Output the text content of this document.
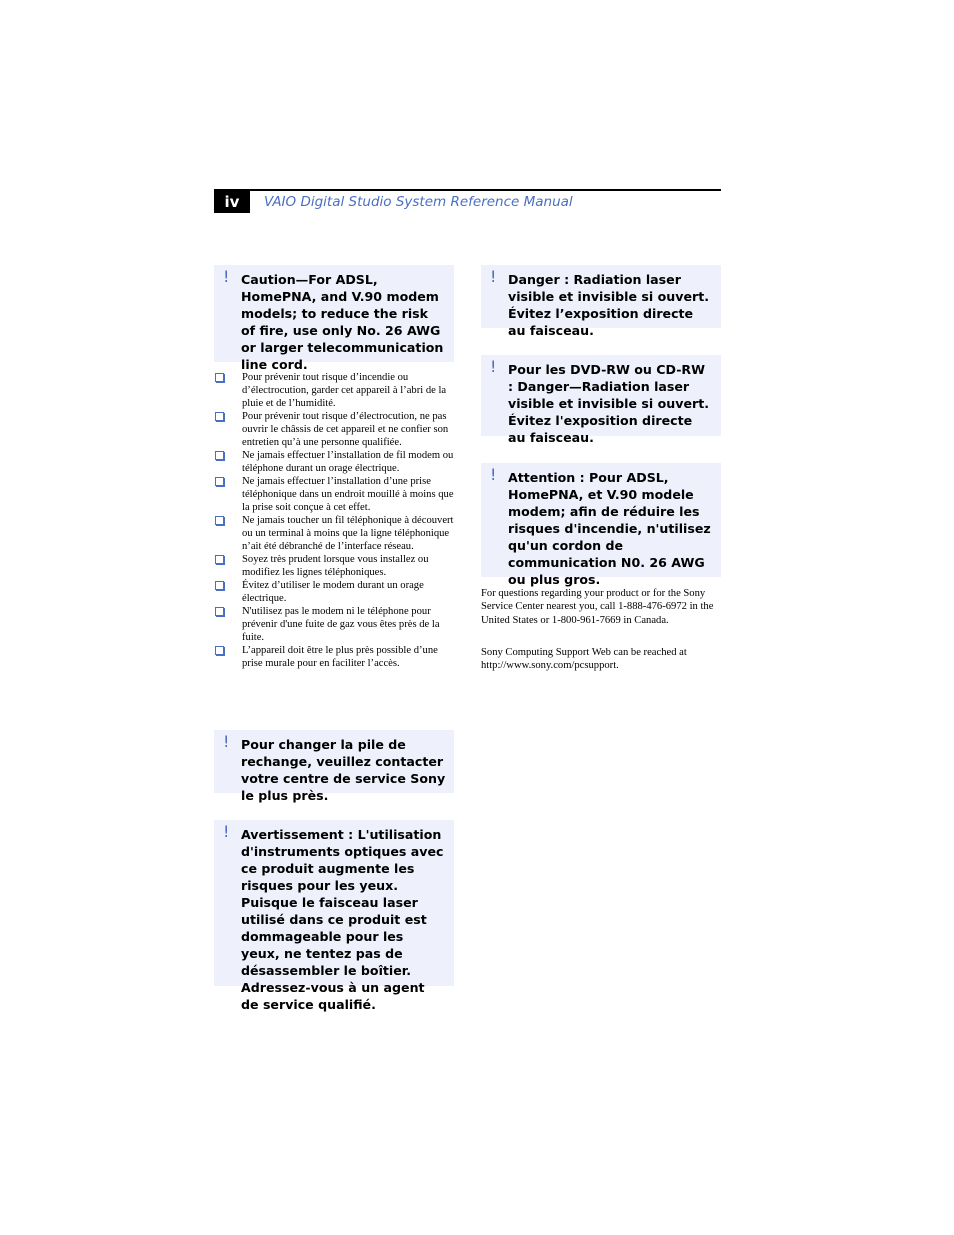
iv	VAIO Digital Studio System Reference Manual
! Caution—For ADSL, HomePNA, and V.90 modem models; to reduce the risk of fire, use only No. 26 AWG or larger telecommunication line cord.
Pour prévenir tout risque d’incendie ou d’électrocution, garder cet appareil à l’abri de la pluie et de l’humidité.
Pour prévenir tout risque d’électrocution, ne pas ouvrir le châssis de cet appareil et ne confier son entretien qu’à une personne qualifiée.
Ne jamais effectuer l’installation de fil modem ou téléphone durant un orage électrique.
Ne jamais effectuer l’installation d’une prise téléphonique dans un endroit mouillé à moins que la prise soit conçue à cet effet.
Ne jamais toucher un fil téléphonique à découvert ou un terminal à moins que la ligne téléphonique n’ait été débranché de l’interface réseau.
Soyez très prudent lorsque vous installez ou modifiez les lignes téléphoniques.
Évitez d’utiliser le modem durant un orage électrique.
N'utilisez pas le modem ni le téléphone pour prévenir d'une fuite de gaz vous êtes près de la fuite.
L’appareil doit être le plus près possible d’une prise murale pour en faciliter l’accès.
! Pour changer la pile de rechange, veuillez contacter votre centre de service Sony le plus près.
! Avertissement : L'utilisation d'instruments optiques avec ce produit augmente les risques pour les yeux. Puisque le faisceau laser utilisé dans ce produit est dommageable pour les yeux, ne tentez pas de désassembler le boîtier. Adressez-vous à un agent de service qualifié.
! Danger : Radiation laser visible et invisible si ouvert. Évitez l’exposition directe au faisceau.
! Pour les DVD-RW ou CD-RW : Danger—Radiation laser visible et invisible si ouvert. Évitez l'exposition directe au faisceau.
! Attention : Pour ADSL, HomePNA, et V.90 modele modem; afin de réduire les risques d'incendie, n'utilisez qu'un cordon de communication N0. 26 AWG ou plus gros.

For questions regarding your product or for the Sony Service Center nearest you, call 1-888-476-6972 in the United States or 1-800-961-7669 in Canada.

Sony Computing Support Web can be reached at http://www.sony.com/pcsupport.
